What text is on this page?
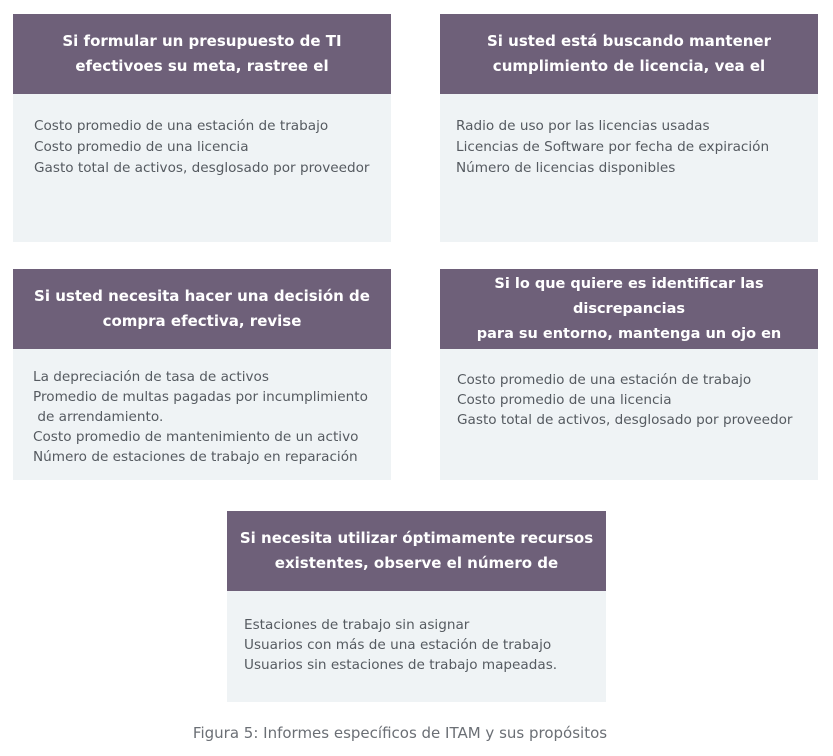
Si formular un presupuesto de TI
efectivoes su meta, rastree el
Costo promedio de una estación de trabajo
Costo promedio de una licencia
Gasto total de activos, desglosado por proveedor
Si usted está buscando mantener
cumplimiento de licencia, vea el
Radio de uso por las licencias usadas
Licencias de Software por fecha de expiración
Número de licencias disponibles
Si usted necesita hacer una decisión de
compra efectiva, revise
La depreciación de tasa de activos
Promedio de multas pagadas por incumplimiento
de arrendamiento.
Costo promedio de mantenimiento de un activo
Número de estaciones de trabajo en reparación
Si lo que quiere es identificar las discrepancias
para su entorno, mantenga un ojo en
Costo promedio de una estación de trabajo
Costo promedio de una licencia
Gasto total de activos, desglosado por proveedor
Si necesita utilizar óptimamente recursos
existentes, observe el número de
Estaciones de trabajo sin asignar
Usuarios con más de una estación de trabajo
Usuarios sin estaciones de trabajo mapeadas.
Figura 5: Informes específicos de ITAM y sus propósitos
